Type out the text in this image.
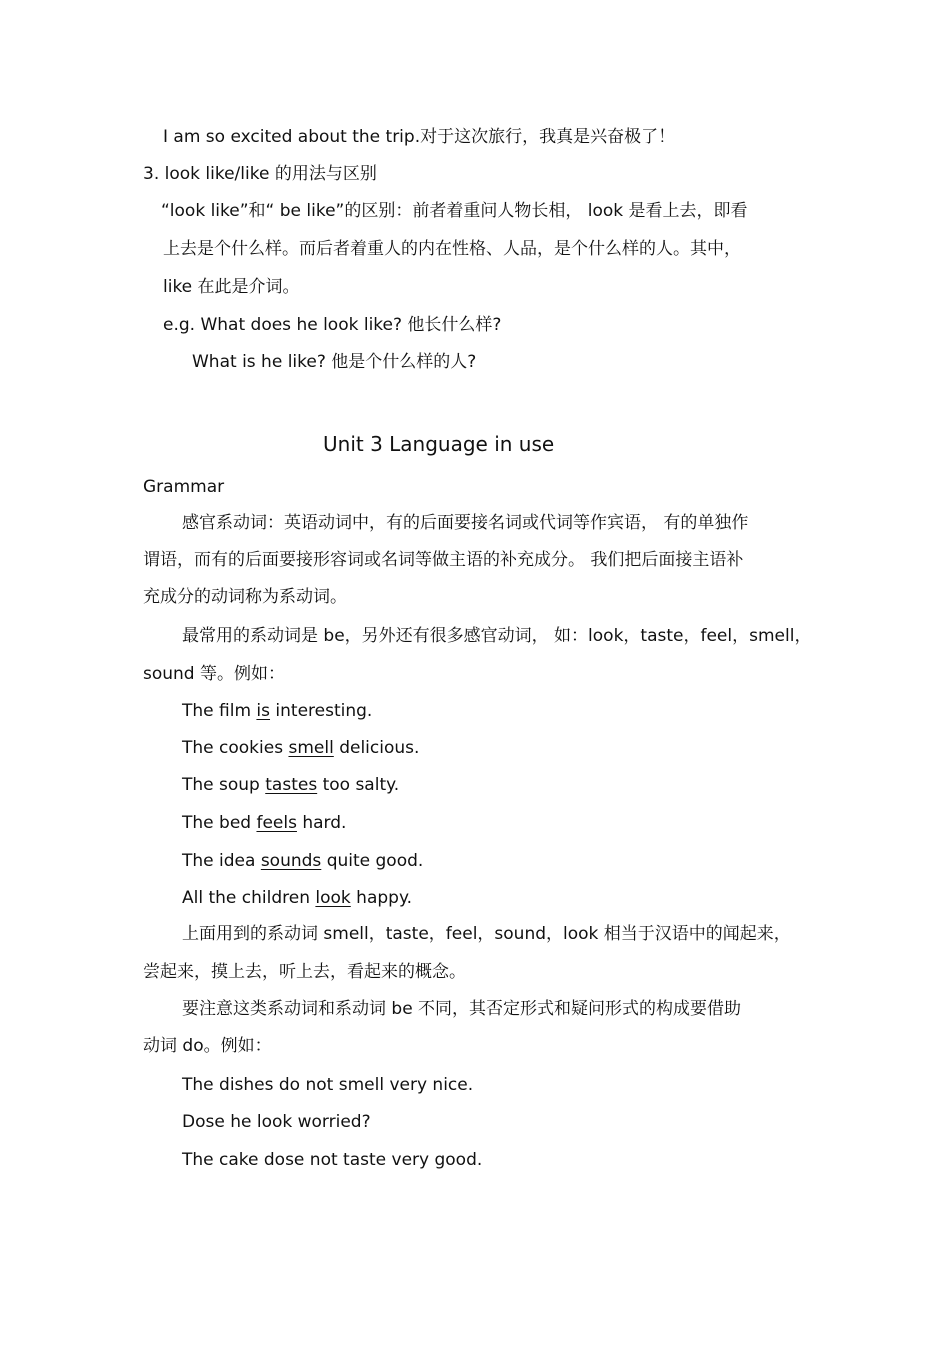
I am so excited about the trip.对于这次旅行，我真是兴奋极了！
3. look like/like 的用法与区别
“look like”和“ be like”的区别：前者着重问人物长相， look 是看上去，即看
上去是个什么样。而后者着重人的内在性格、人品，是个什么样的人。其中，
like 在此是介词。
e.g. What does he look like? 他长什么样?
What is he like? 他是个什么样的人?
Unit 3 Language in use
Grammar
感官系动词：英语动词中，有的后面要接名词或代词等作宾语， 有的单独作
谓语，而有的后面要接形容词或名词等做主语的补充成分。 我们把后面接主语补
充成分的动词称为系动词。
最常用的系动词是 be，另外还有很多感官动词， 如：look，taste，feel，smell，
sound 等。例如：
The film is interesting.
The cookies smell delicious.
The soup tastes too salty.
The bed feels hard.
The idea sounds quite good.
All the children look happy.
上面用到的系动词 smell，taste，feel，sound，look 相当于汉语中的闻起来，
尝起来，摸上去，听上去，看起来的概念。
要注意这类系动词和系动词 be 不同，其否定形式和疑问形式的构成要借助
动词 do。例如：
The dishes do not smell very nice.
Dose he look worried?
The cake dose not taste very good.
